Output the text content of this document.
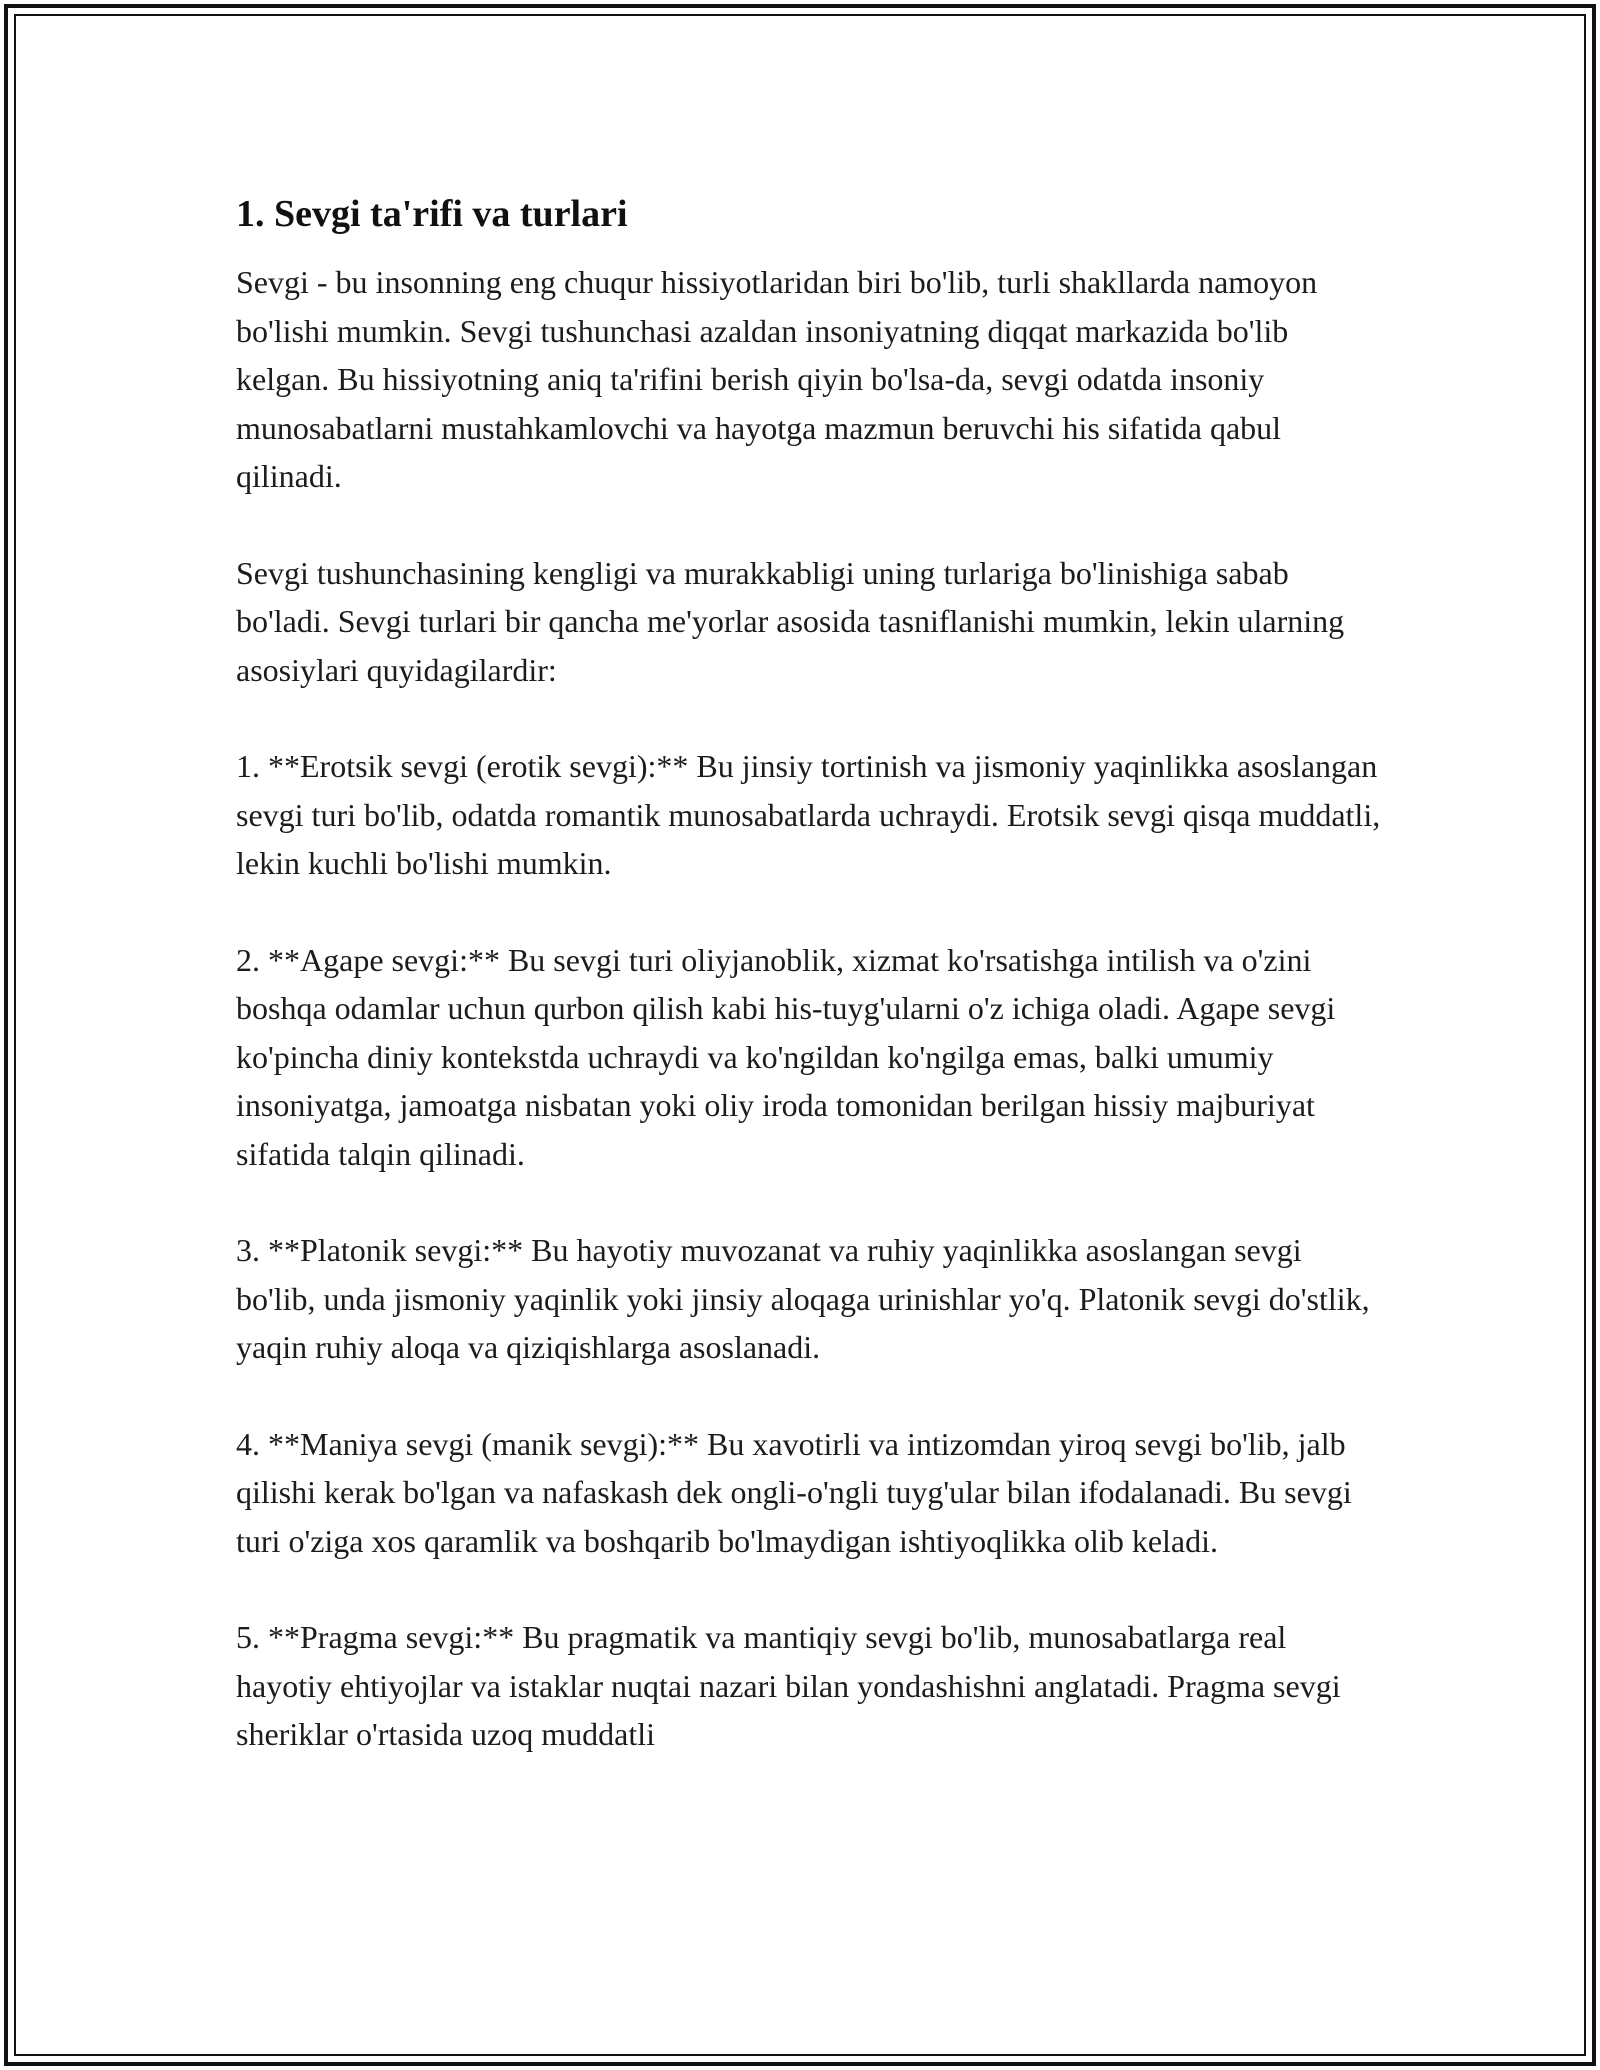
1. Sevgi ta'rifi va turlari

Sevgi - bu insonning eng chuqur hissiyotlaridan biri bo'lib, turli shakllarda namoyon bo'lishi mumkin. Sevgi tushunchasi azaldan insoniyatning diqqat markazida bo'lib kelgan. Bu hissiyotning aniq ta'rifini berish qiyin bo'lsa-da, sevgi odatda insoniy munosabatlarni mustahkamlovchi va hayotga mazmun beruvchi his sifatida qabul qilinadi.

Sevgi tushunchasining kengligi va murakkabligi uning turlariga bo'linishiga sabab bo'ladi. Sevgi turlari bir qancha me'yorlar asosida tasniflanishi mumkin, lekin ularning asosiylari quyidagilardir:

1. **Erotsik sevgi (erotik sevgi):** Bu jinsiy tortinish va jismoniy yaqinlikka asoslangan sevgi turi bo'lib, odatda romantik munosabatlarda uchraydi. Erotsik sevgi qisqa muddatli, lekin kuchli bo'lishi mumkin.

2. **Agape sevgi:** Bu sevgi turi oliyjanoblik, xizmat ko'rsatishga intilish va o'zini boshqa odamlar uchun qurbon qilish kabi his-tuyg'ularni o'z ichiga oladi. Agape sevgi ko'pincha diniy kontekstda uchraydi va ko'ngildan ko'ngilga emas, balki umumiy insoniyatga, jamoatga nisbatan yoki oliy iroda tomonidan berilgan hissiy majburiyat sifatida talqin qilinadi.

3. **Platonik sevgi:** Bu hayotiy muvozanat va ruhiy yaqinlikka asoslangan sevgi bo'lib, unda jismoniy yaqinlik yoki jinsiy aloqaga urinishlar yo'q. Platonik sevgi do'stlik, yaqin ruhiy aloqa va qiziqishlarga asoslanadi.

4. **Maniya sevgi (manik sevgi):** Bu xavotirli va intizomdan yiroq sevgi bo'lib, jalb qilishi kerak bo'lgan va nafaskash dek ongli-o'ngli tuyg'ular bilan ifodalanadi. Bu sevgi turi o'ziga xos qaramlik va boshqarib bo'lmaydigan ishtiyoqlikka olib keladi.

5. **Pragma sevgi:** Bu pragmatik va mantiqiy sevgi bo'lib, munosabatlarga real hayotiy ehtiyojlar va istaklar nuqtai nazari bilan yondashishni anglatadi. Pragma sevgi sheriklar o'rtasida uzoq muddatli
